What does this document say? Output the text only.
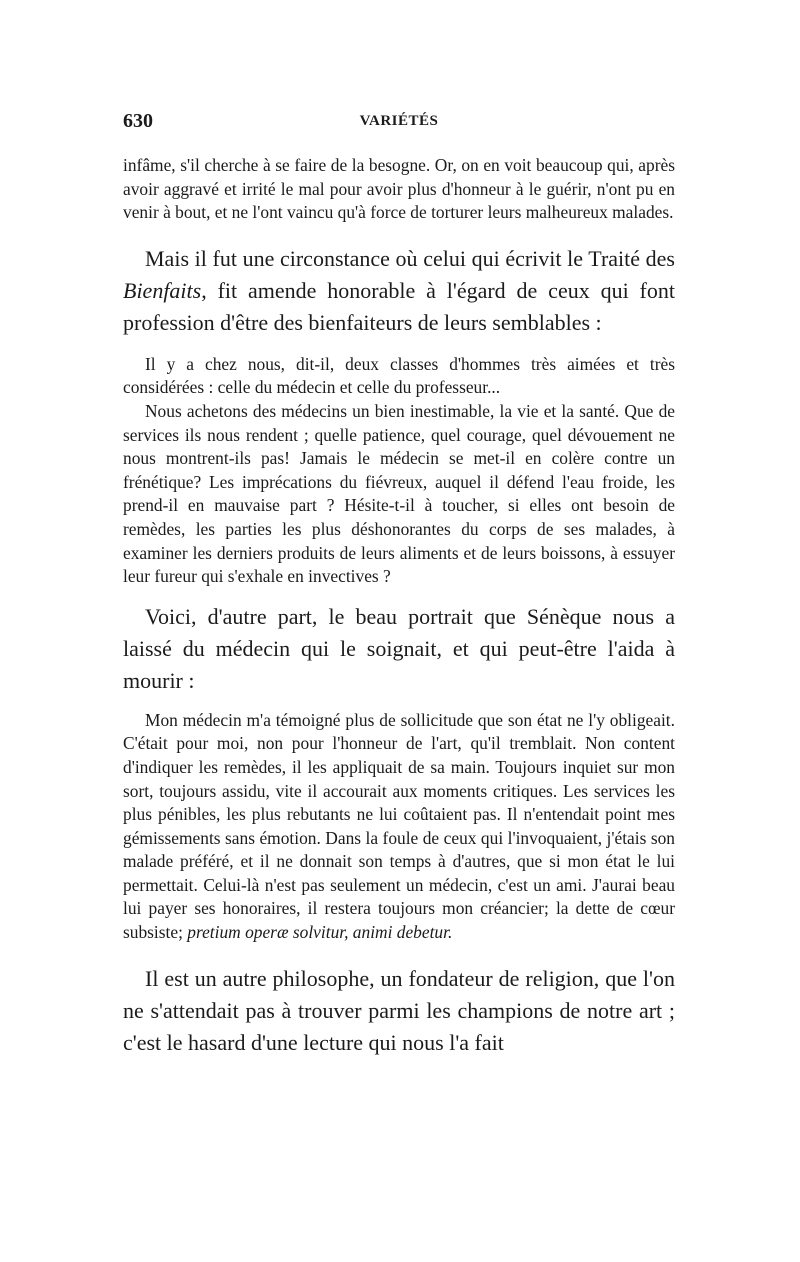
630	VARIÉTÉS

infâme, s'il cherche à se faire de la besogne. Or, on en voit beaucoup qui, après avoir aggravé et irrité le mal pour avoir plus d'honneur à le guérir, n'ont pu en venir à bout, et ne l'ont vaincu qu'à force de torturer leurs malheureux malades.

Mais il fut une circonstance où celui qui écrivit le Traité des Bienfaits, fit amende honorable à l'égard de ceux qui font profession d'être des bienfaiteurs de leurs semblables :

Il y a chez nous, dit-il, deux classes d'hommes très aimées et très considérées : celle du médecin et celle du professeur...

Nous achetons des médecins un bien inestimable, la vie et la santé. Que de services ils nous rendent ; quelle patience, quel courage, quel dévouement ne nous montrent-ils pas! Jamais le médecin se met-il en colère contre un frénétique? Les imprécations du fiévreux, auquel il défend l'eau froide, les prend-il en mauvaise part ? Hésite-t-il à toucher, si elles ont besoin de remèdes, les parties les plus déshonorantes du corps de ses malades, à examiner les derniers produits de leurs aliments et de leurs boissons, à essuyer leur fureur qui s'exhale en invectives ?

Voici, d'autre part, le beau portrait que Sénèque nous a laissé du médecin qui le soignait, et qui peut-être l'aida à mourir :

Mon médecin m'a témoigné plus de sollicitude que son état ne l'y obligeait. C'était pour moi, non pour l'honneur de l'art, qu'il tremblait. Non content d'indiquer les remèdes, il les appliquait de sa main. Toujours inquiet sur mon sort, toujours assidu, vite il accourait aux moments critiques. Les services les plus pénibles, les plus rebutants ne lui coûtaient pas. Il n'entendait point mes gémissements sans émotion. Dans la foule de ceux qui l'invoquaient, j'étais son malade préféré, et il ne donnait son temps à d'autres, que si mon état le lui permettait. Celui-là n'est pas seulement un médecin, c'est un ami. J'aurai beau lui payer ses honoraires, il restera toujours mon créancier; la dette de cœur subsiste; pretium operæ solvitur, animi debetur.

Il est un autre philosophe, un fondateur de religion, que l'on ne s'attendait pas à trouver parmi les champions de notre art ; c'est le hasard d'une lecture qui nous l'a fait
